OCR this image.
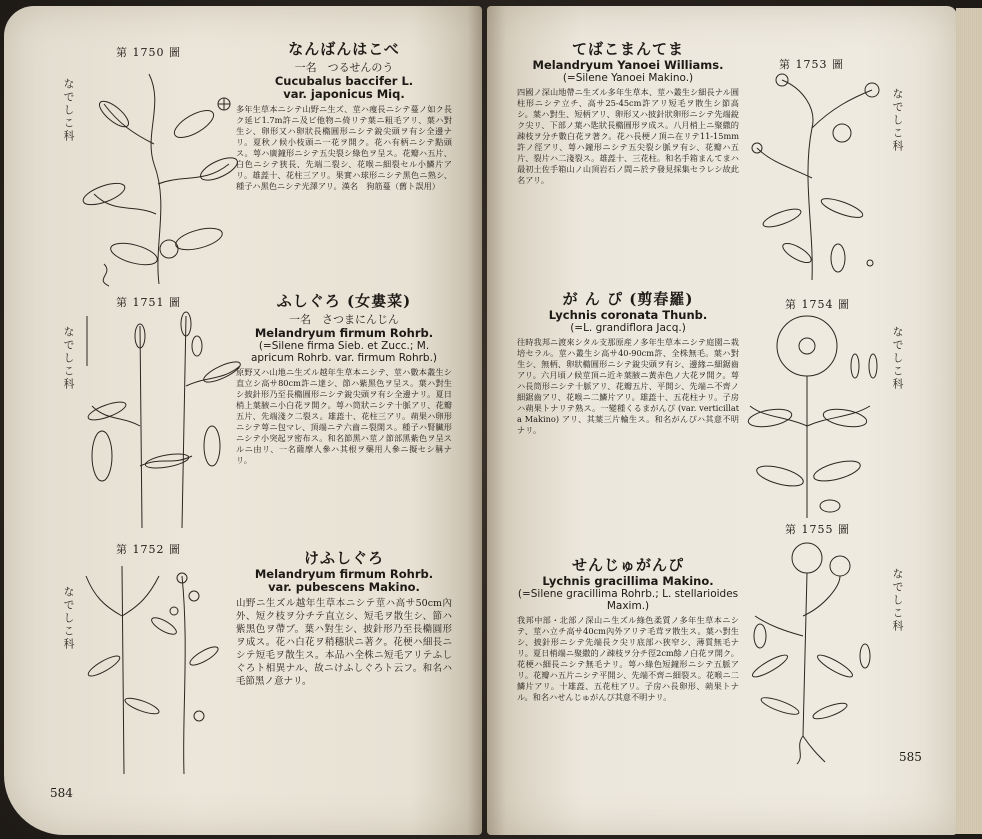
第 1750 圖
なでしこ科
第 1751 圖
なでしこ科
第 1752 圖
なでしこ科
なんばんはこべ
一名　つるせんのう
Cucubalus baccifer L.
var. japonicus Miq.
多年生草本ニシテ山野ニ生ズ、莖ハ痩長ニシテ蔓ノ如ク長ク延ビ1.7m許ニ及ビ他物ニ倚リテ葉ニ粗毛アリ、葉ハ對生シ、卵形又ハ卵狀長橢圓形ニシテ銳尖頭ヲ有シ全邊ナリ。夏秋ノ候小枝頭ニ一花ヲ開ク。花ハ有柄ニシテ點頭ス。萼ハ廣鐘形ニシテ五尖裂シ綠色ヲ呈ス。花瓣ハ五片、白色ニシテ狹長、先端二裂シ、花喉ニ細裂セル小鱗片アリ。雄蕋十、花柱三アリ。果實ハ球形ニシテ黑色ニ熟シ、種子ハ黑色ニシテ光澤アリ。漢名　狗筋蔓（舊ト誤用）
ふしぐろ (女婁菜)
一名　さつまにんじん
Melandryum firmum Rohrb.
(=Silene firma Sieb. et Zucc.; M. apricum Rohrb. var. firmum Rohrb.)
原野又ハ山地ニ生ズル越年生草本ニシテ、莖ハ數本叢生シ直立シ高サ80cm許ニ達シ、節ハ紫黑色ヲ呈ス。葉ハ對生シ披針形乃至長橢圓形ニシテ銳尖頭ヲ有シ全邊ナリ。夏日梢上葉腋ニ小白花ヲ開ク。萼ハ筒狀ニシテ十脈アリ、花瓣五片、先端淺ク二裂ス。雄蕋十、花柱三アリ。蒴果ハ卵形ニシテ萼ニ包マレ、頂端ニテ六齒ニ裂開ス。種子ハ腎臟形ニシテ小突起ヲ密布ス。和名節黑ハ莖ノ節部黑紫色ヲ呈スルニ由リ、一名薩摩人參ハ其根ヲ藥用人參ニ擬セシ稱ナリ。
けふしぐろ
Melandryum firmum Rohrb.
var. pubescens Makino.
山野ニ生ズル越年生草本ニシテ莖ハ高サ50cm內外、短ク枝ヲ分チテ直立シ、短毛ヲ散生シ、節ハ紫黑色ヲ帶ブ。葉ハ對生シ、披針形乃至長橢圓形ヲ成ス。花ハ白花ヲ稍穗狀ニ著ク。花梗ハ細長ニシテ短毛ヲ散生ス。本品ハ全株ニ短毛アリテふしぐろト相異ナル、故ニけふしぐろト云フ。和名ハ毛節黑ノ意ナリ。
584
てばこまんてま
Melandryum Yanoei Williams.
(=Silene Yanoei Makino.)
四國ノ深山地帶ニ生ズル多年生草本、莖ハ叢生シ細長ナル圓柱形ニシテ立チ、高サ25-45cm許アリ短毛ヲ散生シ節高シ。葉ハ對生、短柄アリ、卵形又ハ披針狀卵形ニシテ先端銳ク尖リ、下部ノ葉ハ匙狀長橢圓形ヲ成ス。八月梢上ニ聚繖的疎枝ヲ分チ數白花ヲ著ク。花ハ長梗ノ頂ニ在リテ11-15mm許ノ徑アリ、萼ハ鐘形ニシテ五尖裂シ脈ヲ有シ、花瓣ハ五片、裂片ハ二淺裂ス。雄蕋十、三花柱。和名手箱まんてまハ最初土佐手箱山ノ山頂岩石ノ間ニ於テ發見採集セラレシ故此名アリ。
が ん ぴ (剪春羅)
Lychnis coronata Thunb.
(=L. grandiflora Jacq.)
往時我邦ニ渡來シタル支那原産ノ多年生草本ニシテ庭園ニ栽培セラル。莖ハ叢生シ高サ40-90cm許、全株無毛。葉ハ對生シ、無柄、卵狀橢圓形ニシテ銳尖頭ヲ有シ、邊緣ニ細鋸齒アリ。六月頃ノ候莖頂ニ近キ葉腋ニ黃赤色ノ大花ヲ開ク。萼ハ長筒形ニシテ十脈アリ、花瓣五片、平開シ、先端ニ不齊ノ細鋸齒アリ、花喉ニ二鱗片アリ。雄蕋十、五花柱ナリ。子房ハ蒴果トナリテ熟ス。一變種くるまがんぴ (var. verticillata Makino) アリ、其葉三片輪生ス。和名がんぴハ其意不明ナリ。
せんじゅがんぴ
Lychnis gracillima Makino.
(=Silene gracillima Rohrb.; L. stellarioides Maxim.)
我邦中部・北部ノ深山ニ生ズル綠色柔質ノ多年生草本ニシテ、莖ハ立チ高サ40cm內外アリテ毛茸ヲ散生ス。葉ハ對生シ、披針形ニシテ先端長ク尖リ底部ハ狹窄シ、薄質無毛ナリ。夏日梢端ニ聚繖的ノ疎枝ヲ分チ徑2cm餘ノ白花ヲ開ク。花梗ハ細長ニシテ無毛ナリ。萼ハ綠色短鐘形ニシテ五脈アリ。花瓣ハ五片ニシテ平開シ、先端不齊ニ細裂ス。花喉ニ二鱗片アリ。十雄蕋、五花柱アリ。子房ハ長卵形、蒴果トナル。和名ハせんじゅがんぴ其意不明ナリ。
第 1753 圖
なでしこ科
第 1754 圖
なでしこ科
第 1755 圖
なでしこ科
585
